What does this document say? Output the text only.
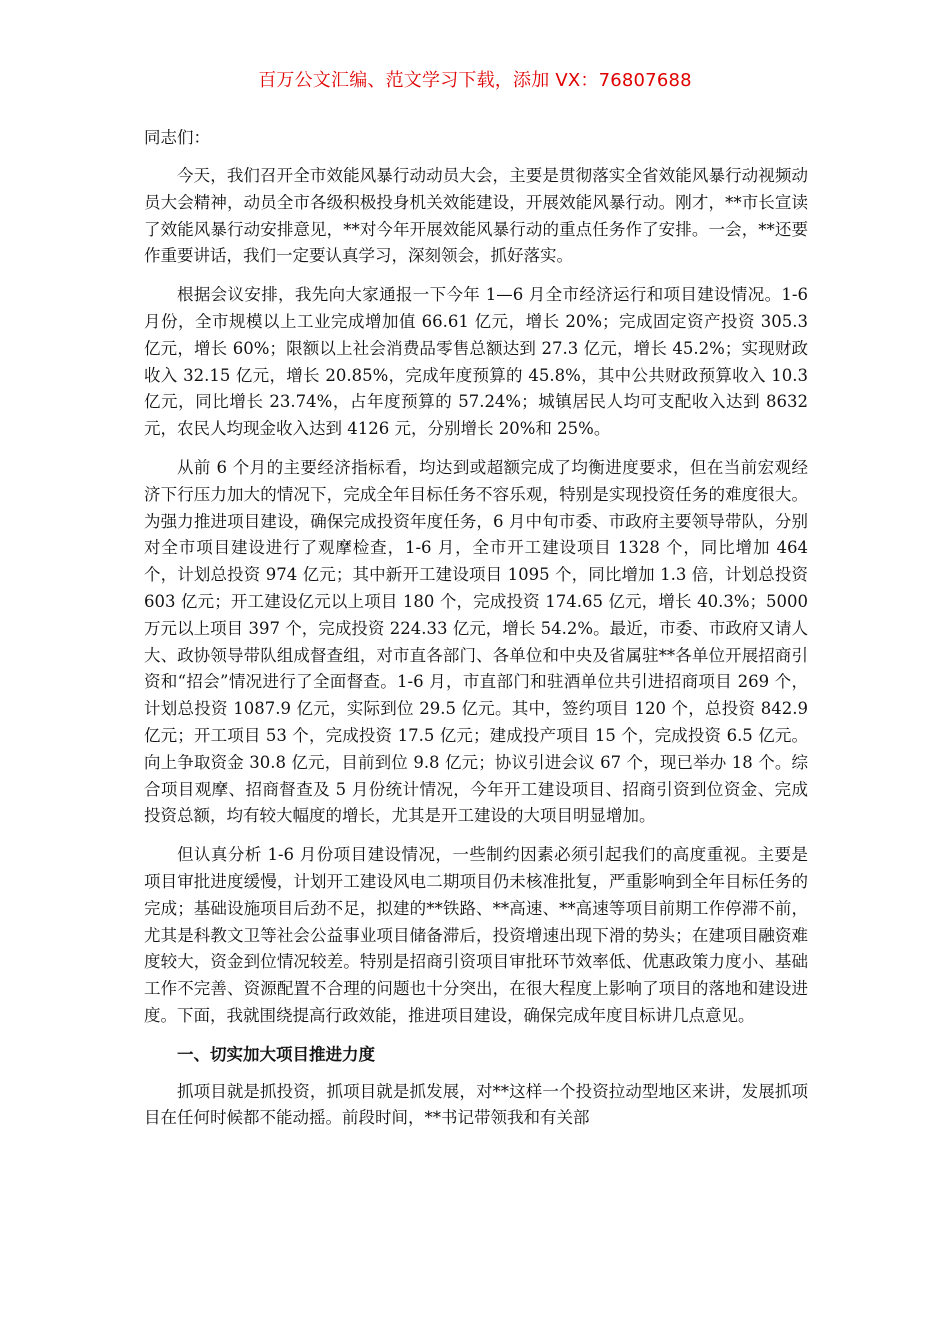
百万公文汇编、范文学习下载，添加 VX：76807688

同志们：

今天，我们召开全市效能风暴行动动员大会，主要是贯彻落实全省效能风暴行动视频动员大会精神，动员全市各级积极投身机关效能建设，开展效能风暴行动。刚才，**市长宣读了效能风暴行动安排意见，**对今年开展效能风暴行动的重点任务作了安排。一会，**还要作重要讲话，我们一定要认真学习，深刻领会，抓好落实。

根据会议安排，我先向大家通报一下今年 1—6 月全市经济运行和项目建设情况。1-6 月份，全市规模以上工业完成增加值 66.61 亿元，增长 20%；完成固定资产投资 305.3 亿元，增长 60%；限额以上社会消费品零售总额达到 27.3 亿元，增长 45.2%；实现财政收入 32.15 亿元，增长 20.85%，完成年度预算的 45.8%，其中公共财政预算收入 10.3 亿元，同比增长 23.74%，占年度预算的 57.24%；城镇居民人均可支配收入达到 8632 元，农民人均现金收入达到 4126 元，分别增长 20%和 25%。

从前 6 个月的主要经济指标看，均达到或超额完成了均衡进度要求，但在当前宏观经济下行压力加大的情况下，完成全年目标任务不容乐观，特别是实现投资任务的难度很大。为强力推进项目建设，确保完成投资年度任务，6 月中旬市委、市政府主要领导带队，分别对全市项目建设进行了观摩检查，1-6 月，全市开工建设项目 1328 个，同比增加 464 个，计划总投资 974 亿元；其中新开工建设项目 1095 个，同比增加 1.3 倍，计划总投资 603 亿元；开工建设亿元以上项目 180 个，完成投资 174.65 亿元，增长 40.3%；5000 万元以上项目 397 个，完成投资 224.33 亿元，增长 54.2%。最近，市委、市政府又请人大、政协领导带队组成督查组，对市直各部门、各单位和中央及省属驻**各单位开展招商引资和“招会”情况进行了全面督查。1-6 月，市直部门和驻酒单位共引进招商项目 269 个，计划总投资 1087.9 亿元，实际到位 29.5 亿元。其中，签约项目 120 个，总投资 842.9 亿元；开工项目 53 个，完成投资 17.5 亿元；建成投产项目 15 个，完成投资 6.5 亿元。向上争取资金 30.8 亿元，目前到位 9.8 亿元；协议引进会议 67 个，现已举办 18 个。综合项目观摩、招商督查及 5 月份统计情况，今年开工建设项目、招商引资到位资金、完成投资总额，均有较大幅度的增长，尤其是开工建设的大项目明显增加。

但认真分析 1-6 月份项目建设情况，一些制约因素必须引起我们的高度重视。主要是项目审批进度缓慢，计划开工建设风电二期项目仍未核准批复，严重影响到全年目标任务的完成；基础设施项目后劲不足，拟建的**铁路、**高速、**高速等项目前期工作停滞不前，尤其是科教文卫等社会公益事业项目储备滞后，投资增速出现下滑的势头；在建项目融资难度较大，资金到位情况较差。特别是招商引资项目审批环节效率低、优惠政策力度小、基础工作不完善、资源配置不合理的问题也十分突出，在很大程度上影响了项目的落地和建设进度。下面，我就围绕提高行政效能，推进项目建设，确保完成年度目标讲几点意见。

一、切实加大项目推进力度

抓项目就是抓投资，抓项目就是抓发展，对**这样一个投资拉动型地区来讲，发展抓项目在任何时候都不能动摇。前段时间，**书记带领我和有关部
